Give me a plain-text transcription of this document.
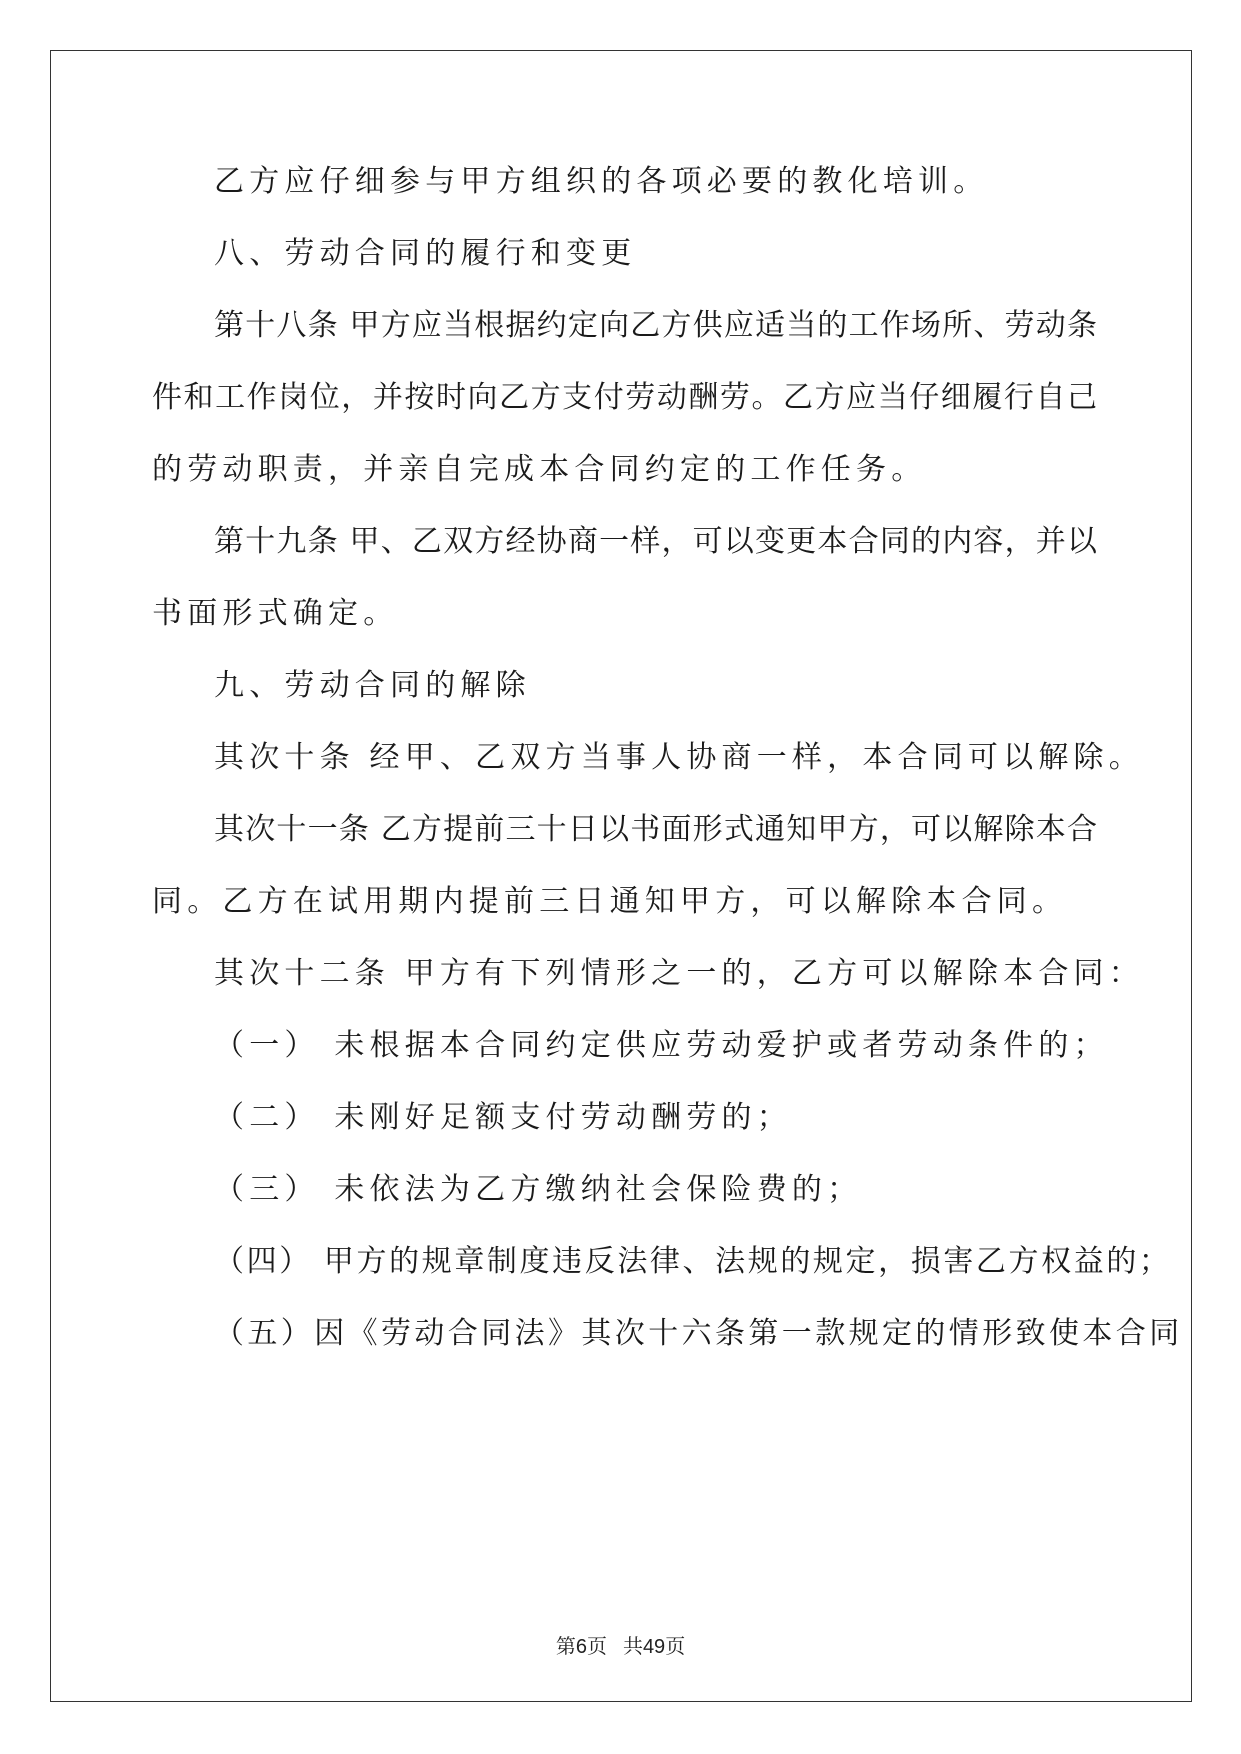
乙方应仔细参与甲方组织的各项必要的教化培训。
八、劳动合同的履行和变更
第十八条 甲方应当根据约定向乙方供应适当的工作场所、劳动条
件和工作岗位，并按时向乙方支付劳动酬劳。乙方应当仔细履行自己
的劳动职责，并亲自完成本合同约定的工作任务。
第十九条 甲、乙双方经协商一样，可以变更本合同的内容，并以
书面形式确定。
九、劳动合同的解除
其次十条 经甲、乙双方当事人协商一样，本合同可以解除。
其次十一条 乙方提前三十日以书面形式通知甲方，可以解除本合
同。乙方在试用期内提前三日通知甲方，可以解除本合同。
其次十二条 甲方有下列情形之一的，乙方可以解除本合同：
（一） 未根据本合同约定供应劳动爱护或者劳动条件的；
（二） 未刚好足额支付劳动酬劳的；
（三） 未依法为乙方缴纳社会保险费的；
（四） 甲方的规章制度违反法律、法规的规定，损害乙方权益的；
（五）因《劳动合同法》其次十六条第一款规定的情形致使本合同
第6页 共49页
